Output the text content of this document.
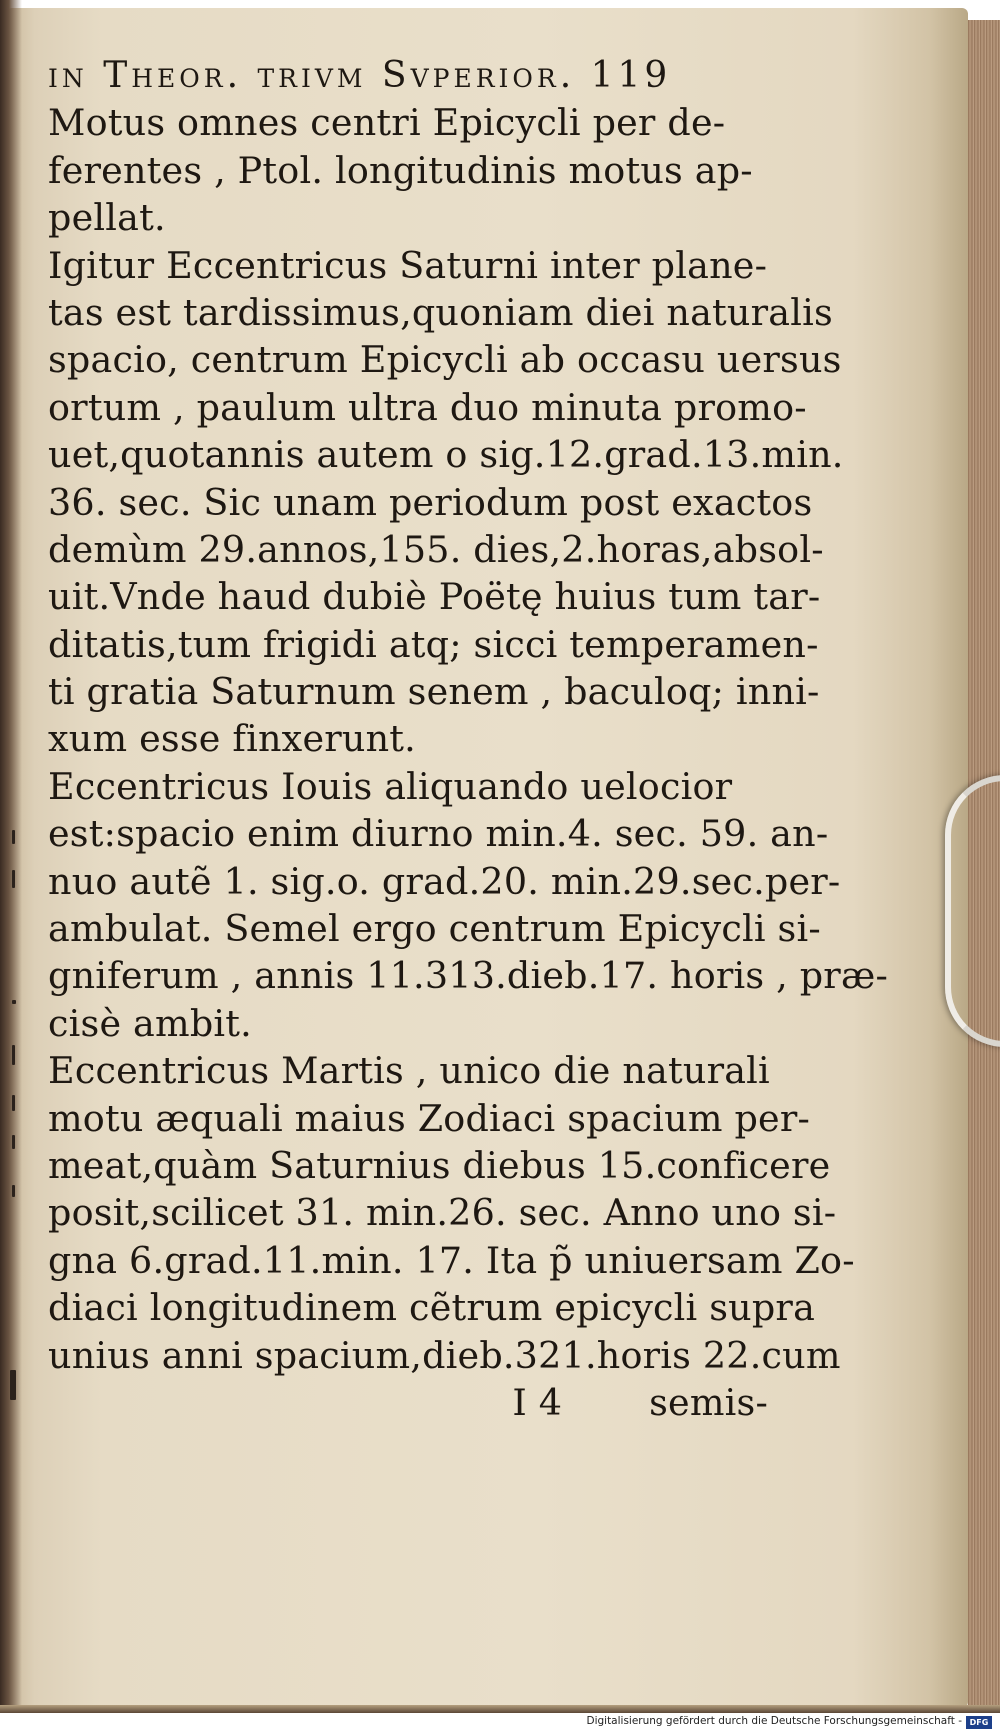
in Theor. trivm Svperior. 119
Motus omnes centri Epicycli per de-
ferentes , Ptol. longitudinis motus ap-
pellat.
Igitur Eccentricus Saturni inter plane-
tas est tardissimus,quoniam diei naturalis
spacio, centrum Epicycli ab occasu uersus
ortum , paulum ultra duo minuta promo-
uet,quotannis autem o sig.12.grad.13.min.
36. sec. Sic unam periodum post exactos
demùm 29.annos,155. dies,2.horas,absol-
uit.Vnde haud dubiè Poëtę huius tum tar-
ditatis,tum frigidi atq; sicci temperamen-
ti gratia Saturnum senem , baculoq; inni-
xum esse finxerunt.
Eccentricus Iouis aliquando uelocior
est:spacio enim diurno min.4. sec. 59. an-
nuo autẽ 1. sig.o. grad.20. min.29.sec.per-
ambulat. Semel ergo centrum Epicycli si-
gniferum , annis 11.313.dieb.17. horis , præ-
cisè ambit.
Eccentricus Martis , unico die naturali
motu æquali maius Zodiaci spacium per-
meat,quàm Saturnius diebus 15.conficere
posit,scilicet 31. min.26. sec. Anno uno si-
gna 6.grad.11.min. 17. Ita p̃ uniuersam Zo-
diaci longitudinem cẽtrum epicycli supra
unius anni spacium,dieb.321.horis 22.cum
I 4 semis-
Digitalisierung gefördert durch die Deutsche Forschungsgemeinschaft - DFG
